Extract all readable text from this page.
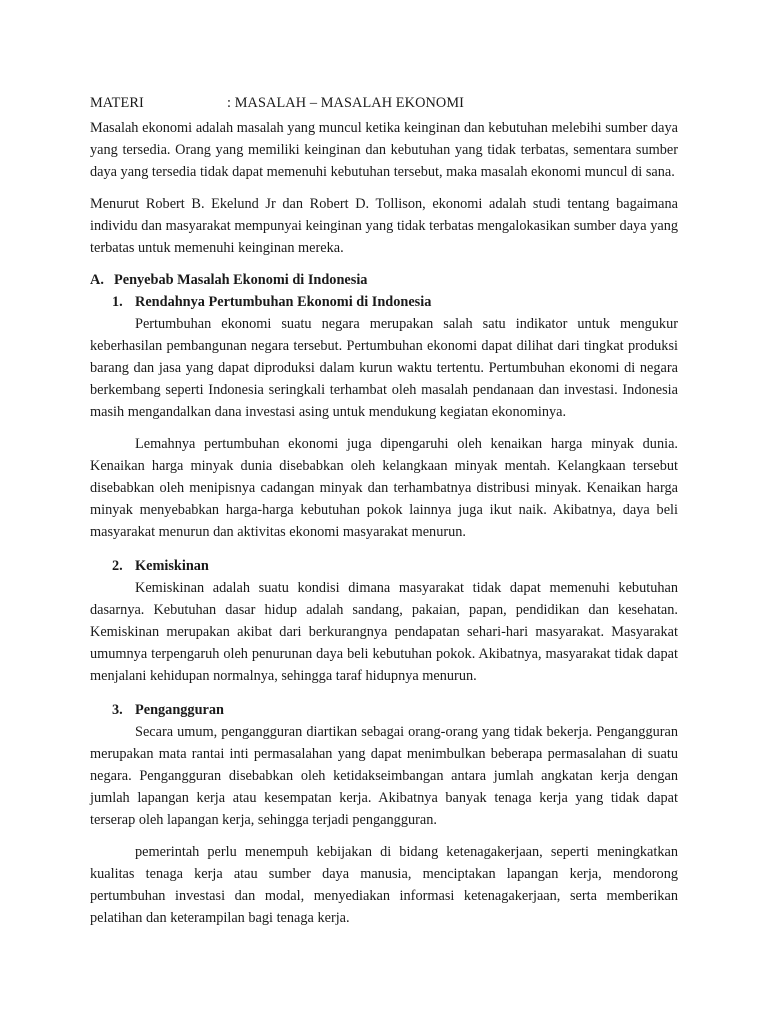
MATERI	: MASALAH – MASALAH EKONOMI

Masalah ekonomi adalah masalah yang muncul ketika keinginan dan kebutuhan melebihi sumber daya yang tersedia. Orang yang memiliki keinginan dan kebutuhan yang tidak terbatas, sementara sumber daya yang tersedia tidak dapat memenuhi kebutuhan tersebut, maka masalah ekonomi muncul di sana.

Menurut Robert B. Ekelund Jr dan Robert D. Tollison, ekonomi adalah studi tentang bagaimana individu dan masyarakat mempunyai keinginan yang tidak terbatas mengalokasikan sumber daya yang terbatas untuk memenuhi keinginan mereka.

A. Penyebab Masalah Ekonomi di Indonesia
1. Rendahnya Pertumbuhan Ekonomi di Indonesia

Pertumbuhan ekonomi suatu negara merupakan salah satu indikator untuk mengukur keberhasilan pembangunan negara tersebut. Pertumbuhan ekonomi dapat dilihat dari tingkat produksi barang dan jasa yang dapat diproduksi dalam kurun waktu tertentu. Pertumbuhan ekonomi di negara berkembang seperti Indonesia seringkali terhambat oleh masalah pendanaan dan investasi. Indonesia masih mengandalkan dana investasi asing untuk mendukung kegiatan ekonominya.

Lemahnya pertumbuhan ekonomi juga dipengaruhi oleh kenaikan harga minyak dunia. Kenaikan harga minyak dunia disebabkan oleh kelangkaan minyak mentah. Kelangkaan tersebut disebabkan oleh menipisnya cadangan minyak dan terhambatnya distribusi minyak. Kenaikan harga minyak menyebabkan harga-harga kebutuhan pokok lainnya juga ikut naik. Akibatnya, daya beli masyarakat menurun dan aktivitas ekonomi masyarakat menurun.

2. Kemiskinan

Kemiskinan adalah suatu kondisi dimana masyarakat tidak dapat memenuhi kebutuhan dasarnya. Kebutuhan dasar hidup adalah sandang, pakaian, papan, pendidikan dan kesehatan. Kemiskinan merupakan akibat dari berkurangnya pendapatan sehari-hari masyarakat. Masyarakat umumnya terpengaruh oleh penurunan daya beli kebutuhan pokok. Akibatnya, masyarakat tidak dapat menjalani kehidupan normalnya, sehingga taraf hidupnya menurun.

3. Pengangguran

Secara umum, pengangguran diartikan sebagai orang-orang yang tidak bekerja. Pengangguran merupakan mata rantai inti permasalahan yang dapat menimbulkan beberapa permasalahan di suatu negara. Pengangguran disebabkan oleh ketidakseimbangan antara jumlah angkatan kerja dengan jumlah lapangan kerja atau kesempatan kerja. Akibatnya banyak tenaga kerja yang tidak dapat terserap oleh lapangan kerja, sehingga terjadi pengangguran.

pemerintah perlu menempuh kebijakan di bidang ketenagakerjaan, seperti meningkatkan kualitas tenaga kerja atau sumber daya manusia, menciptakan lapangan kerja, mendorong pertumbuhan investasi dan modal, menyediakan informasi ketenagakerjaan, serta memberikan pelatihan dan keterampilan bagi tenaga kerja.
